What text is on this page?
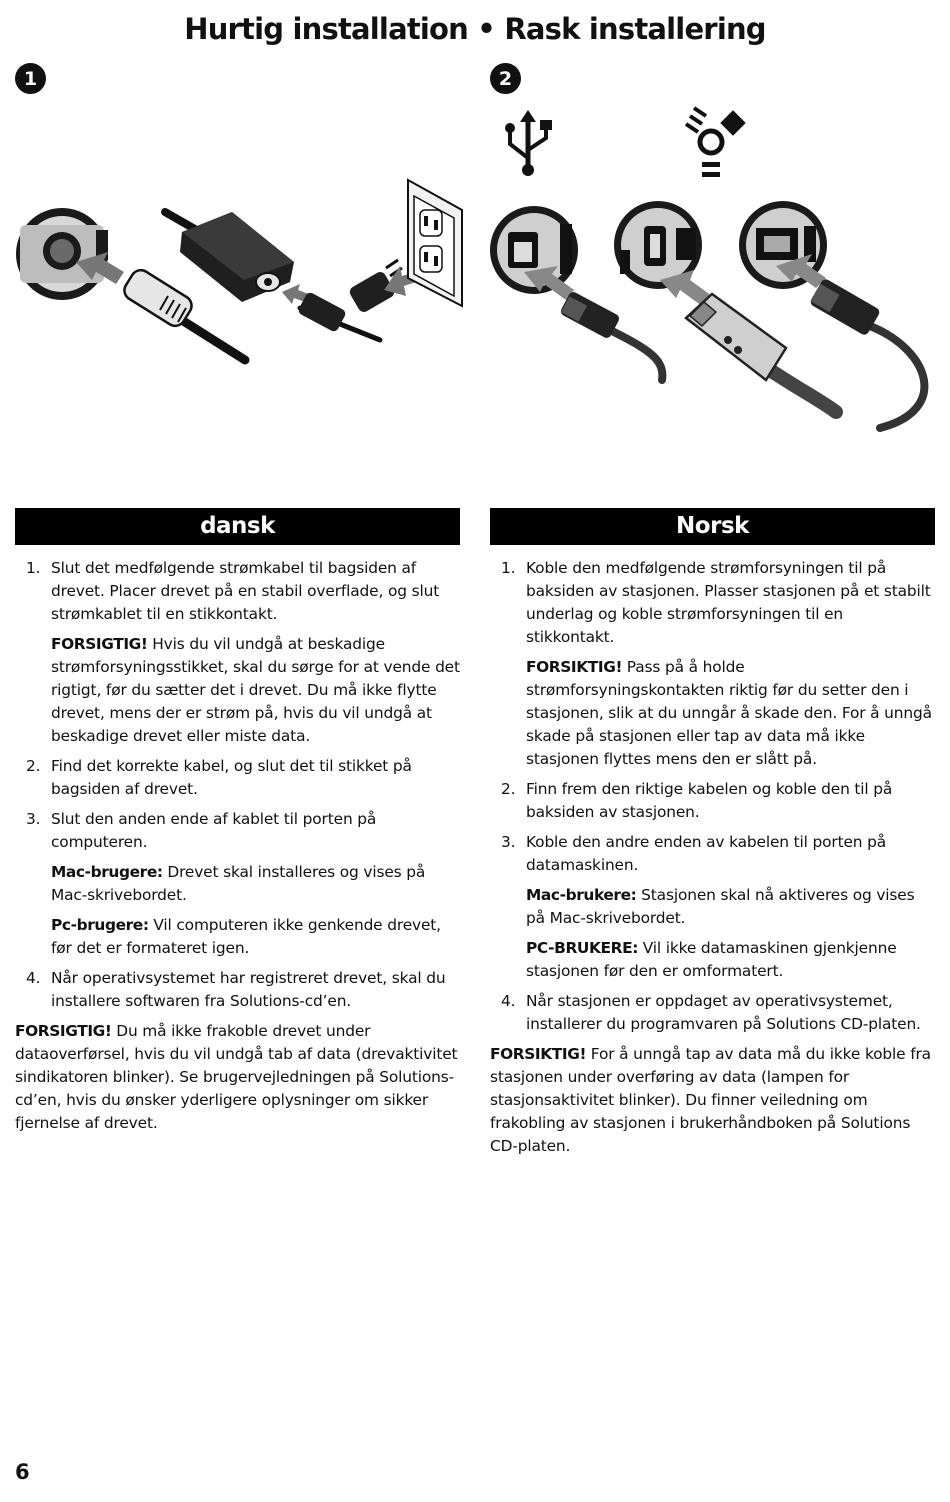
Hurtig installation • Rask installering
1	2
dansk
1. Slut det medfølgende strømkabel til bagsiden af drevet. Placer drevet på en stabil overflade, og slut strømkablet til en stikkontakt.

FORSIGTIG! Hvis du vil undgå at beskadige strømforsyningsstikket, skal du sørge for at vende det rigtigt, før du sætter det i drevet. Du må ikke flytte drevet, mens der er strøm på, hvis du vil undgå at beskadige drevet eller miste data.

2. Find det korrekte kabel, og slut det til stikket på bagsiden af drevet.

3. Slut den anden ende af kablet til porten på computeren.

Mac-brugere: Drevet skal installeres og vises på Mac-skrivebordet.

Pc-brugere: Vil computeren ikke genkende drevet, før det er formateret igen.

4. Når operativsystemet har registreret drevet, skal du installere softwaren fra Solutions-cd’en.

FORSIGTIG! Du må ikke frakoble drevet under dataoverførsel, hvis du vil undgå tab af data (drevaktivitet sindikatoren blinker). Se brugervejledningen på Solutions-cd’en, hvis du ønsker yderligere oplysninger om sikker fjernelse af drevet.

Norsk
1. Koble den medfølgende strømforsyningen til på baksiden av stasjonen. Plasser stasjonen på et stabilt underlag og koble strømforsyningen til en stikkontakt.

FORSIKTIG! Pass på å holde strømforsyningskontakten riktig før du setter den i stasjonen, slik at du unngår å skade den. For å unngå skade på stasjonen eller tap av data må ikke stasjonen flyttes mens den er slått på.

2. Finn frem den riktige kabelen og koble den til på baksiden av stasjonen.

3. Koble den andre enden av kabelen til porten på datamaskinen.

Mac-brukere: Stasjonen skal nå aktiveres og vises på Mac-skrivebordet.

PC-BRUKERE: Vil ikke datamaskinen gjenkjenne stasjonen før den er omformatert.

4. Når stasjonen er oppdaget av operativsystemet, installerer du programvaren på Solutions CD-platen.

FORSIKTIG! For å unngå tap av data må du ikke koble fra stasjonen under overføring av data (lampen for stasjonsaktivitet blinker). Du finner veiledning om frakobling av stasjonen i brukerhåndboken på Solutions CD-platen.

6
